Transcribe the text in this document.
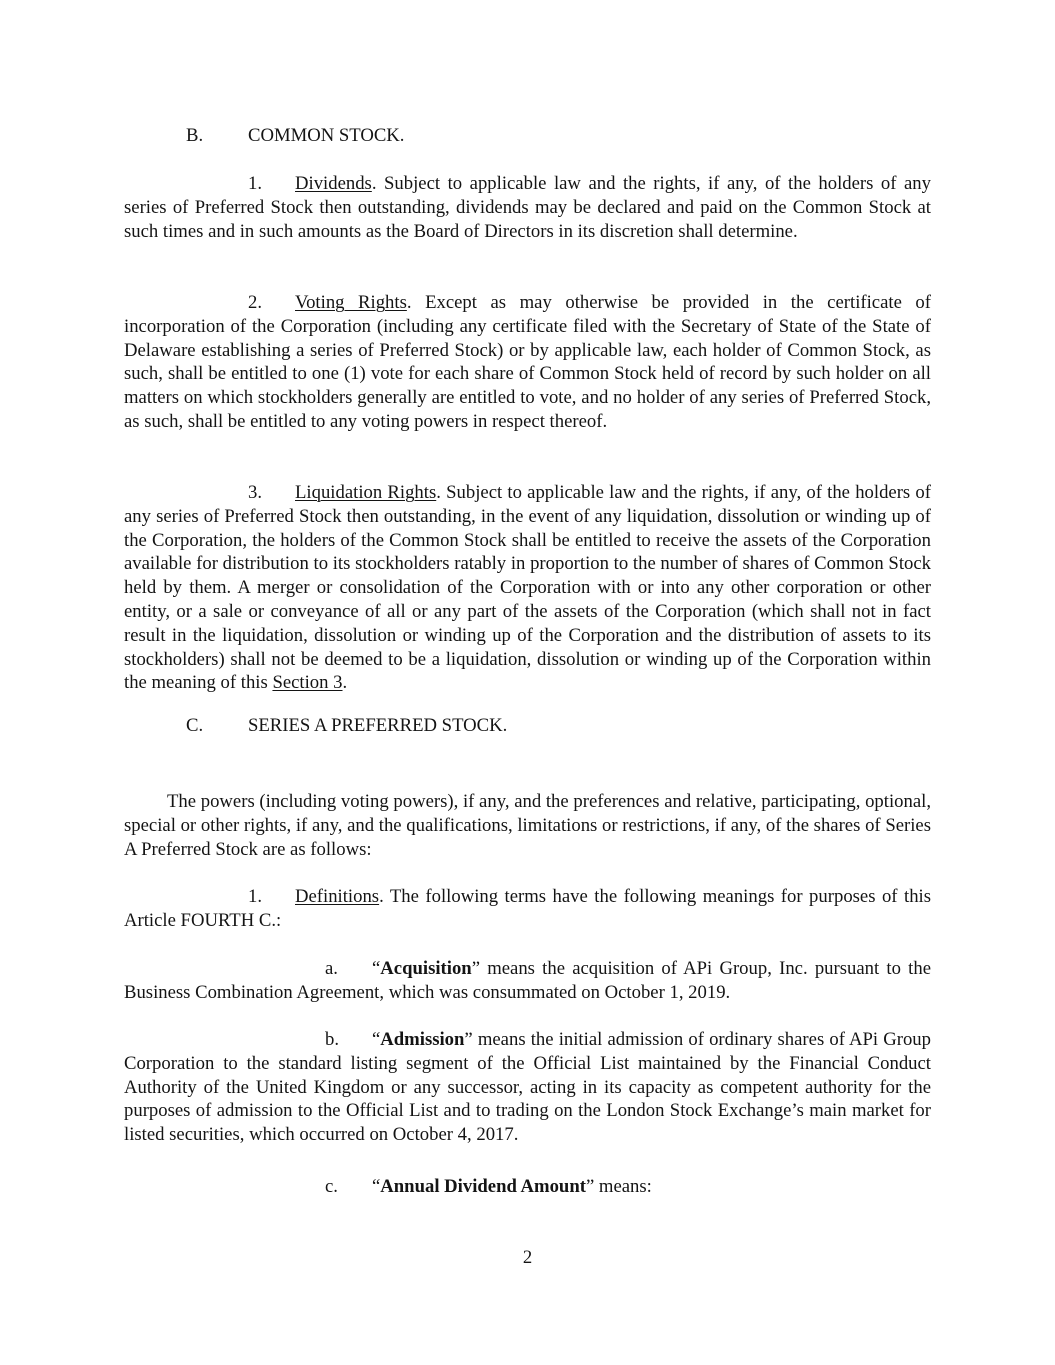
B. COMMON STOCK.

1. Dividends. Subject to applicable law and the rights, if any, of the holders of any series of Preferred Stock then outstanding, dividends may be declared and paid on the Common Stock at such times and in such amounts as the Board of Directors in its discretion shall determine.

2. Voting Rights. Except as may otherwise be provided in the certificate of incorporation of the Corporation (including any certificate filed with the Secretary of State of the State of Delaware establishing a series of Preferred Stock) or by applicable law, each holder of Common Stock, as such, shall be entitled to one (1) vote for each share of Common Stock held of record by such holder on all matters on which stockholders generally are entitled to vote, and no holder of any series of Preferred Stock, as such, shall be entitled to any voting powers in respect thereof.

3. Liquidation Rights. Subject to applicable law and the rights, if any, of the holders of any series of Preferred Stock then outstanding, in the event of any liquidation, dissolution or winding up of the Corporation, the holders of the Common Stock shall be entitled to receive the assets of the Corporation available for distribution to its stockholders ratably in proportion to the number of shares of Common Stock held by them. A merger or consolidation of the Corporation with or into any other corporation or other entity, or a sale or conveyance of all or any part of the assets of the Corporation (which shall not in fact result in the liquidation, dissolution or winding up of the Corporation and the distribution of assets to its stockholders) shall not be deemed to be a liquidation, dissolution or winding up of the Corporation within the meaning of this Section 3.

C. SERIES A PREFERRED STOCK.

The powers (including voting powers), if any, and the preferences and relative, participating, optional, special or other rights, if any, and the qualifications, limitations or restrictions, if any, of the shares of Series A Preferred Stock are as follows:

1. Definitions. The following terms have the following meanings for purposes of this Article FOURTH C.:

a. “Acquisition” means the acquisition of APi Group, Inc. pursuant to the Business Combination Agreement, which was consummated on October 1, 2019.

b. “Admission” means the initial admission of ordinary shares of APi Group Corporation to the standard listing segment of the Official List maintained by the Financial Conduct Authority of the United Kingdom or any successor, acting in its capacity as competent authority for the purposes of admission to the Official List and to trading on the London Stock Exchange’s main market for listed securities, which occurred on October 4, 2017.

c. “Annual Dividend Amount” means:

2
